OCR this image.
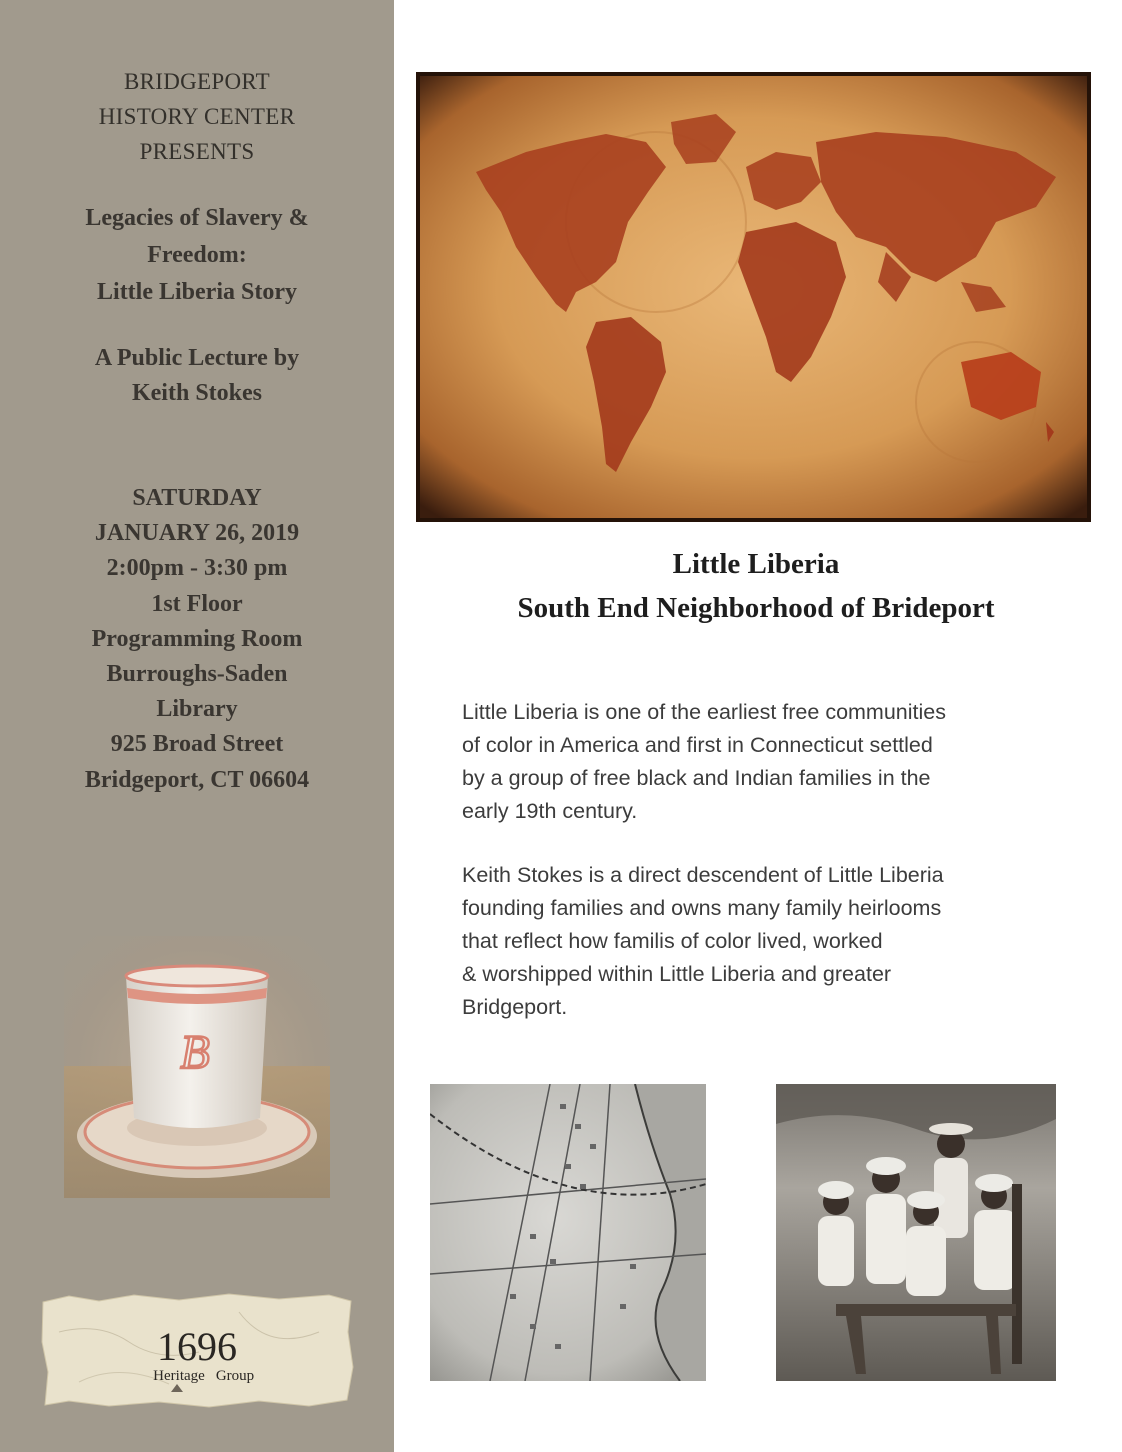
BRIDGEPORT
HISTORY CENTER
PRESENTS
Legacies of Slavery &
Freedom:
Little Liberia Story
A Public Lecture by
Keith Stokes
SATURDAY
JANUARY 26, 2019
2:00pm - 3:30 pm
1st Floor
Programming Room
Burroughs-Saden
Library
925 Broad Street
Bridgeport, CT 06604
B
1696
Heritage Group
Little Liberia
South End Neighborhood of Brideport
Little Liberia is one of the earliest free communities
of color in America and first in Connecticut settled
by a group of free black and Indian families in the
early 19th century.
Keith Stokes is a direct descendent of Little Liberia
founding families and owns many family heirlooms
that reflect how familis of color lived, worked
& worshipped within Little Liberia and greater
Bridgeport.
